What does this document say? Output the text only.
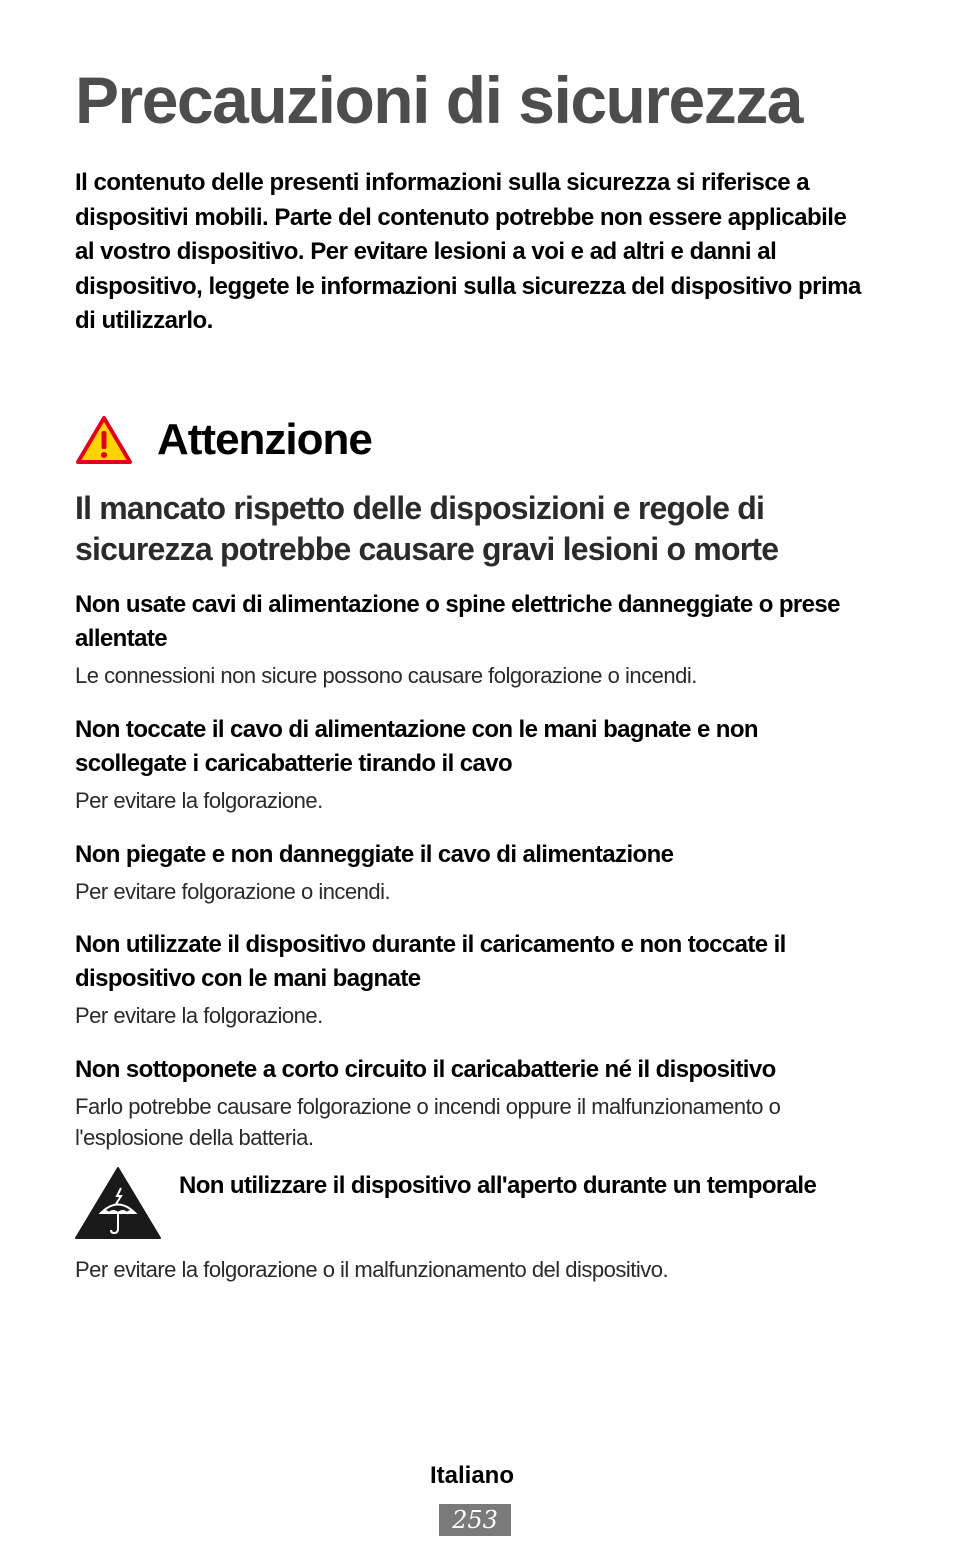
Precauzioni di sicurezza

Il contenuto delle presenti informazioni sulla sicurezza si riferisce a dispositivi mobili. Parte del contenuto potrebbe non essere applicabile al vostro dispositivo. Per evitare lesioni a voi e ad altri e danni al dispositivo, leggete le informazioni sulla sicurezza del dispositivo prima di utilizzarlo.

Attenzione

Il mancato rispetto delle disposizioni e regole di sicurezza potrebbe causare gravi lesioni o morte

Non usate cavi di alimentazione o spine elettriche danneggiate o prese allentate

Le connessioni non sicure possono causare folgorazione o incendi.

Non toccate il cavo di alimentazione con le mani bagnate e non scollegate i caricabatterie tirando il cavo

Per evitare la folgorazione.

Non piegate e non danneggiate il cavo di alimentazione

Per evitare folgorazione o incendi.

Non utilizzate il dispositivo durante il caricamento e non toccate il dispositivo con le mani bagnate

Per evitare la folgorazione.

Non sottoponete a corto circuito il caricabatterie né il dispositivo

Farlo potrebbe causare folgorazione o incendi oppure il malfunzionamento o l'esplosione della batteria.

Non utilizzare il dispositivo all'aperto durante un temporale

Per evitare la folgorazione o il malfunzionamento del dispositivo.

Italiano

253
